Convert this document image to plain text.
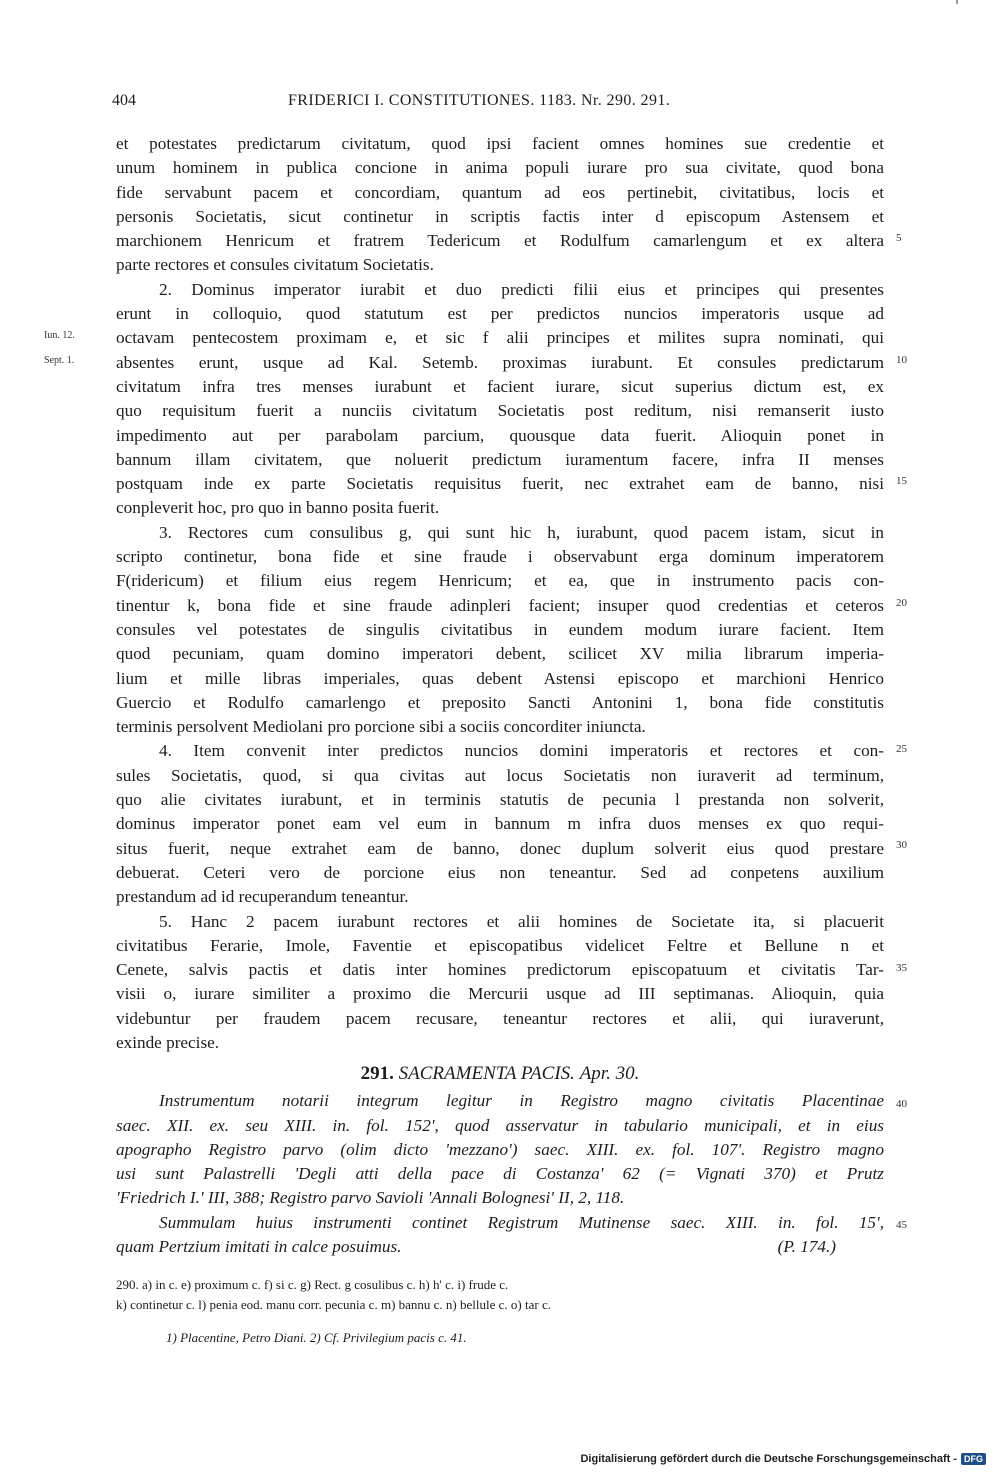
404	FRIDERICI I. CONSTITUTIONES. 1183. Nr. 290. 291.
et potestates predictarum civitatum, quod ipsi facient omnes homines sue credentie et
unum hominem in publica concione in anima populi iurare pro sua civitate, quod bona
fide servabunt pacem et concordiam, quantum ad eos pertinebit, civitatibus, locis et
personis Societatis, sicut continetur in scriptis factis inter d episcopum Astensem et
marchionem Henricum et fratrem Tedericum et Rodulfum camarlengum et ex altera
parte rectores et consules civitatum Societatis.
2. Dominus imperator iurabit et duo predicti filii eius et principes qui presentes
erunt in colloquio, quod statutum est per predictos nuncios imperatoris usque ad
octavam pentecostem proximam e, et sic f alii principes et milites supra nominati, qui
absentes erunt, usque ad Kal. Setemb. proximas iurabunt. Et consules predictarum
civitatum infra tres menses iurabunt et facient iurare, sicut superius dictum est, ex
quo requisitum fuerit a nunciis civitatum Societatis post reditum, nisi remanserit iusto
impedimento aut per parabolam parcium, quousque data fuerit. Alioquin ponet in
bannum illam civitatem, que noluerit predictum iuramentum facere, infra II menses
postquam inde ex parte Societatis requisitus fuerit, nec extrahet eam de banno, nisi
conpleverit hoc, pro quo in banno posita fuerit.
3. Rectores cum consulibus g, qui sunt hic h, iurabunt, quod pacem istam, sicut in
scripto continetur, bona fide et sine fraude i observabunt erga dominum imperatorem
F(ridericum) et filium eius regem Henricum; et ea, que in instrumento pacis con-
tinentur k, bona fide et sine fraude adinpleri facient; insuper quod credentias et ceteros
consules vel potestates de singulis civitatibus in eundem modum iurare facient. Item
quod pecuniam, quam domino imperatori debent, scilicet XV milia librarum imperia-
lium et mille libras imperiales, quas debent Astensi episcopo et marchioni Henrico
Guercio et Rodulfo camarlengo et preposito Sancti Antonini 1, bona fide constitutis
terminis persolvent Mediolani pro porcione sibi a sociis concorditer iniuncta.
4. Item convenit inter predictos nuncios domini imperatoris et rectores et con-
sules Societatis, quod, si qua civitas aut locus Societatis non iuraverit ad terminum,
quo alie civitates iurabunt, et in terminis statutis de pecunia l prestanda non solverit,
dominus imperator ponet eam vel eum in bannum m infra duos menses ex quo requi-
situs fuerit, neque extrahet eam de banno, donec duplum solverit eius quod prestare
debuerat. Ceteri vero de porcione eius non teneantur. Sed ad conpetens auxilium
prestandum ad id recuperandum teneantur.
5. Hanc 2 pacem iurabunt rectores et alii homines de Societate ita, si placuerit
civitatibus Ferarie, Imole, Faventie et episcopatibus videlicet Feltre et Bellune n et
Cenete, salvis pactis et datis inter homines predictorum episcopatuum et civitatis Tar-
visii o, iurare similiter a proximo die Mercurii usque ad III septimanas. Alioquin, quia
videbuntur per fraudem pacem recusare, teneantur rectores et alii, qui iuraverunt,
exinde precise.
291. SACRAMENTA PACIS. Apr. 30.
Instrumentum notarii integrum legitur in Registro magno civitatis Placentinae
saec. XII. ex. seu XIII. in. fol. 152', quod asservatur in tabulario municipali, et in eius
apographo Registro parvo (olim dicto 'mezzano') saec. XIII. ex. fol. 107'. Registro magno
usi sunt Palastrelli 'Degli atti della pace di Costanza' 62 (= Vignati 370) et Prutz
'Friedrich I.' III, 388; Registro parvo Savioli 'Annali Bolognesi' II, 2, 118.
Summulam huius instrumenti continet Registrum Mutinense saec. XIII. in. fol. 15',
quam Pertzium imitati in calce posuimus.	(P. 174.)
5
10
15
20
25
30
35
40
45
Iun. 12.
Sept. 1.
290. a) in c. e) proximum c. f) si c. g) Rect. g cosulibus c. h) h' c. i) frude c.
k) continetur c. l) penia eod. manu corr. pecunia c. m) bannu c. n) bellule c. o) tar c.
1) Placentine, Petro Diani. 2) Cf. Privilegium pacis c. 41.
Digitalisierung gefördert durch die Deutsche Forschungsgemeinschaft - DFG
